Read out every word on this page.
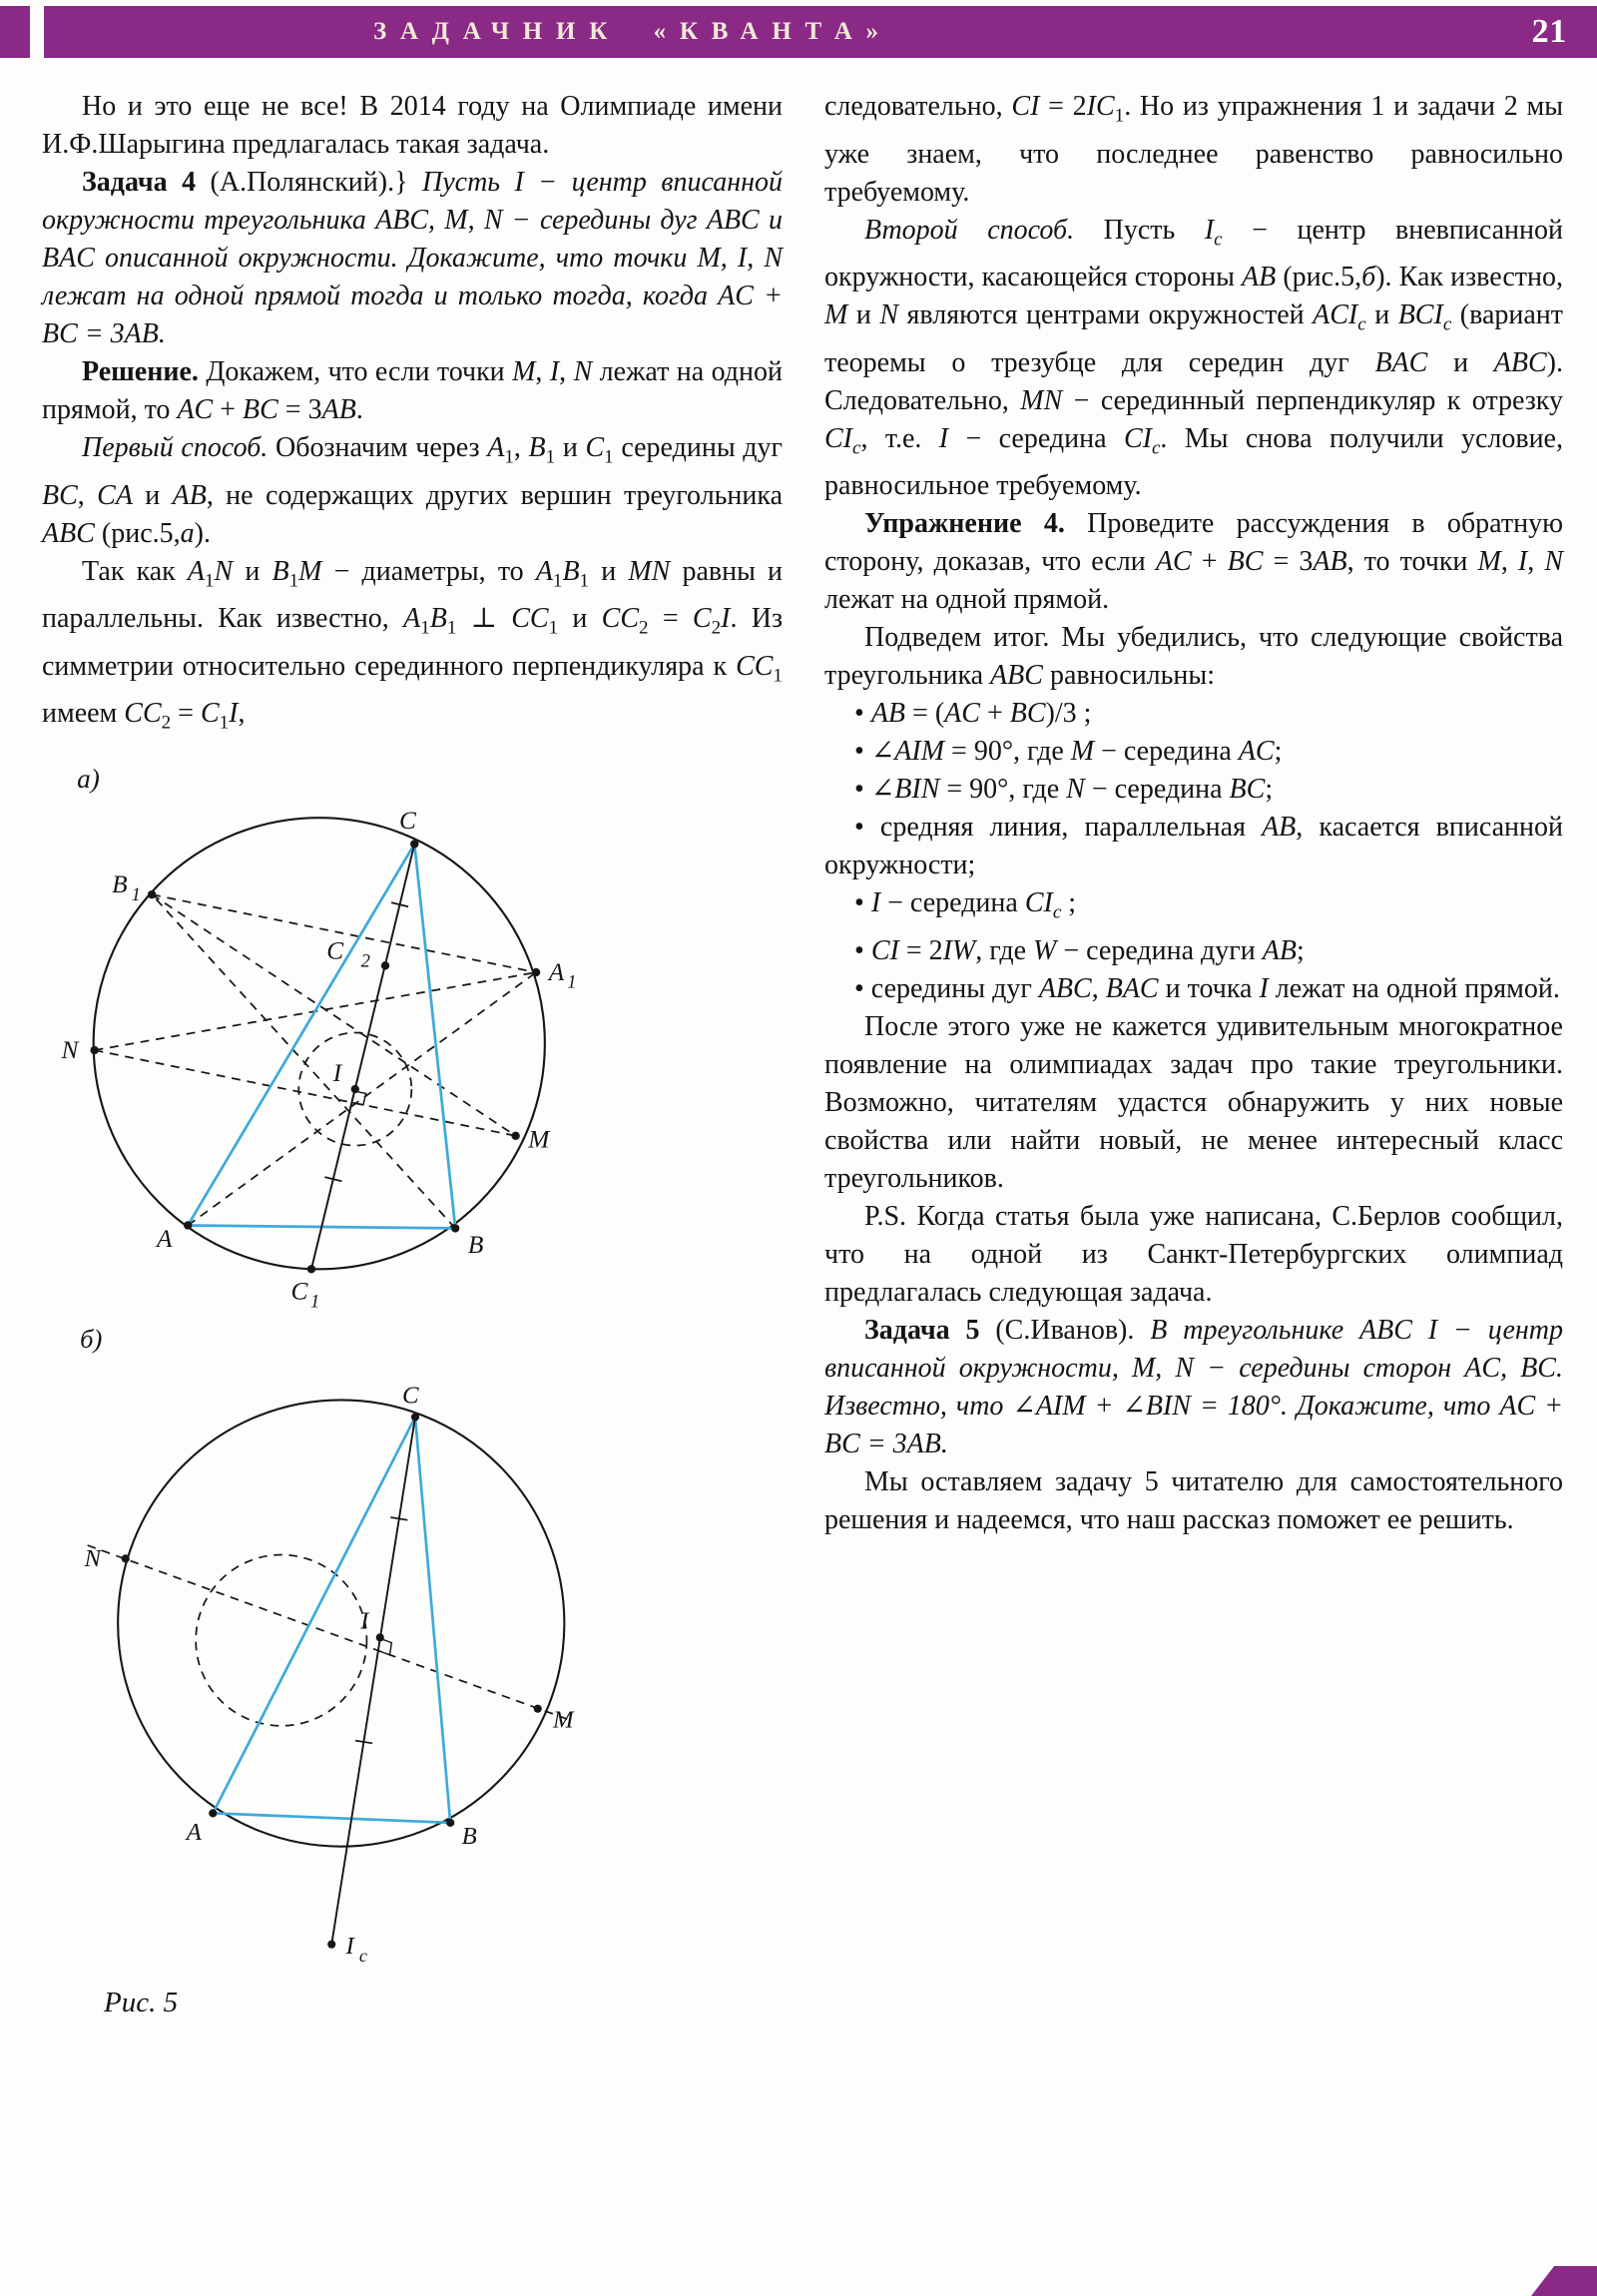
ЗАДАЧНИК «КВАНТА»	21

Но и это еще не все! В 2014 году на Олимпиаде имени И.Ф.Шарыгина предлагалась такая задача.

Задача 4 (А.Полянский).} Пусть I − центр вписанной окружности треугольника ABC, M, N − середины дуг ABC и BAC описанной окружности. Докажите, что точки M, I, N лежат на одной прямой тогда и только тогда, когда AC + BC = 3AB.

Решение. Докажем, что если точки M, I, N лежат на одной прямой, то AC + BC = 3AB.

Первый способ. Обозначим через $A_1$, $B_1$ и $C_1$ середины дуг BC, CA и AB, не содержащих других вершин треугольника ABC (рис.5,а).

Так как $A_1N$ и $B_1M$ − диаметры, то $A_1B_1$ и MN равны и параллельны. Как известно, $A_1B_1$ ⊥ $CC_1$ и $CC_2 = C_2I$. Из симметрии относительно серединного перпендикуляра к $CC_1$ имеем $CC_2 = C_1I$,

а)
C
B 1
A 1
N
M
A	B
C 1
C 2
I
б)
C
N
M
A	B
I
I c
Рис. 5

следовательно, CI = $2IC_1$. Но из упражнения 1 и задачи 2 мы уже знаем, что последнее равенство равносильно требуемому.

Второй способ. Пусть $I_c$ − центр вневписанной окружности, касающейся стороны AB (рис.5,б). Как известно, M и N являются центрами окружностей $ACI_c$ и $BCI_c$ (вариант теоремы о трезубце для середин дуг BAC и ABC). Следовательно, MN − серединный перпендикуляр к отрезку $CI_c$, т.е. I − середина $CI_c$. Мы снова получили условие, равносильное требуемому.

Упражнение 4. Проведите рассуждения в обратную сторону, доказав, что если AC + BC = 3AB, то точки M, I, N лежат на одной прямой.

Подведем итог. Мы убедились, что следующие свойства треугольника ABC равносильны:

• AB = (AC + BC)/3 ;

• ∠AIM = 90°, где M − середина AC;

• ∠BIN = 90°, где N − середина BC;

• средняя линия, параллельная AB, касается вписанной окружности;

• I − середина $CI_c$ ;

• CI = 2IW, где W − середина дуги AB;

• середины дуг ABC, BAC и точка I лежат на одной прямой.

После этого уже не кажется удивительным многократное появление на олимпиадах задач про такие треугольники. Возможно, читателям удастся обнаружить у них новые свойства или найти новый, не менее интересный класс треугольников.

P.S. Когда статья была уже написана, С.Берлов сообщил, что на одной из Санкт-Петербургских олимпиад предлагалась следующая задача.

Задача 5 (С.Иванов). В треугольнике ABC I − центр вписанной окружности, M, N − середины сторон AC, BC. Известно, что ∠AIM + ∠BIN = 180°. Докажите, что AC + BC = 3AB.

Мы оставляем задачу 5 читателю для самостоятельного решения и надеемся, что наш рассказ поможет ее решить.
